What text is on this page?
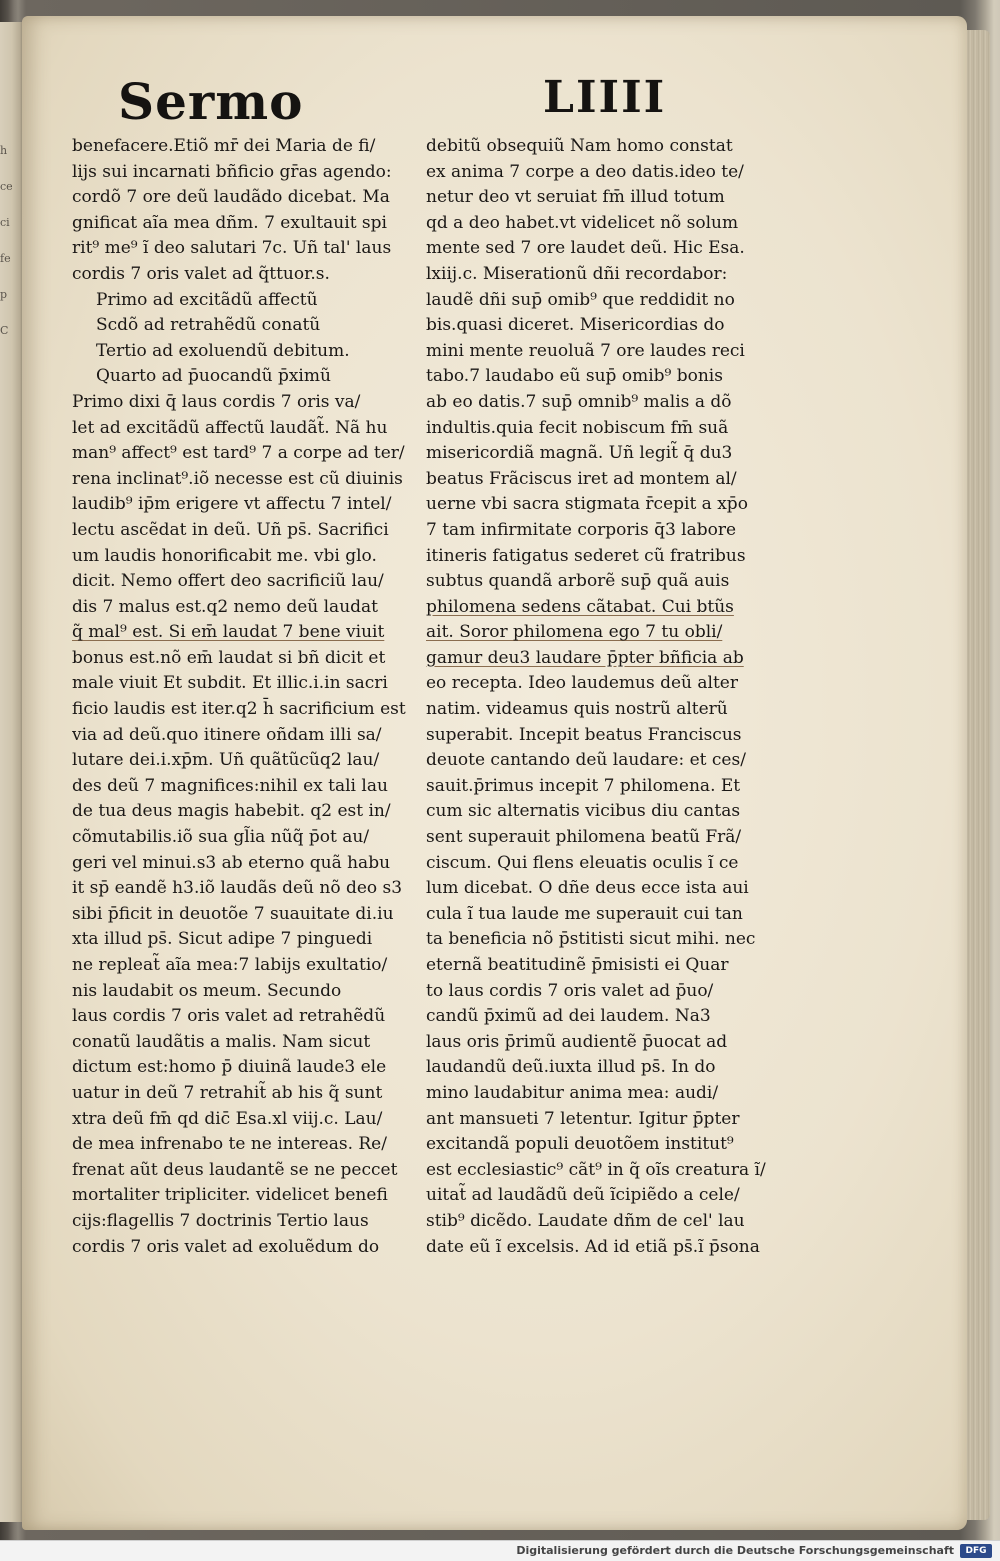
h

ce

ci

fe

p

C
Sermo	LIIII
benefacere.Etiõ mr̄ dei Maria de fi/
lijs sui incarnati bñficio gr̄as agendo:
cordõ 7 ore deũ laudãdo dicebat. Ma
gnificat aĩa mea dñm. 7 exultauit spi
rit⁹ me⁹ ĩ deo salutari 7c. Uñ tal' laus
cordis 7 oris valet ad q̃ttuor.s.
Primo ad excitãdũ affectũ
Scdõ ad retrahẽdũ conatũ
Tertio ad exoluendũ debitum.
Quarto ad p̄uocandũ p̄ximũ
Primo dixi q̄ laus cordis 7 oris va/
let ad excitãdũ affectũ laudãt̃. Nã hu
man⁹ affect⁹ est tard⁹ 7 a corpe ad ter/
rena inclinat⁹.iõ necesse est cũ diuinis
laudib⁹ ip̄m erigere vt affectu 7 intel/
lectu ascẽdat in deũ. Uñ ps̄. Sacrifici
um laudis honorificabit me. vbi glo.
dicit. Nemo offert deo sacrificiũ lau/
dis 7 malus est.q2 nemo deũ laudat
q̃ mal⁹ est. Si em̄ laudat 7 bene viuit
bonus est.nõ em̄ laudat si bñ dicit et
male viuit Et subdit. Et illic.i.in sacri
ficio laudis est iter.q2 h̄ sacrificium est
via ad deũ.quo itinere oñdam illi sa/
lutare dei.i.xp̄m. Uñ quãtũcũq2 lau/
des deũ 7 magnifices:nihil ex tali lau
de tua deus magis habebit. q2 est in/
cõmutabilis.iõ sua gl̃ia nũq̃ p̄ot au/
geri vel minui.s3 ab eterno quã habu
it sp̄ eandẽ h3.iõ laudãs deũ nõ deo s3
sibi p̄ficit in deuotõe 7 suauitate di.iu
xta illud ps̄. Sicut adipe 7 pinguedi
ne repleat̃ aĩa mea:7 labijs exultatio/
nis laudabit os meum. Secundo
laus cordis 7 oris valet ad retrahẽdũ
conatũ laudãtis a malis. Nam sicut
dictum est:homo p̄ diuinã laude3 ele
uatur in deũ 7 retrahit̃ ab his q̃ sunt
xtra deũ fm̄ qd dic̄ Esa.xl viij.c. Lau/
de mea infrenabo te ne intereas. Re/
frenat aũt deus laudantẽ se ne peccet
mortaliter tripliciter. videlicet benefi
cijs:flagellis 7 doctrinis Tertio laus
cordis 7 oris valet ad exoluẽdum do
debitũ obsequiũ Nam homo constat
ex anima 7 corpe a deo datis.ideo te/
netur deo vt seruiat fm̄ illud totum
qd a deo habet.vt videlicet nõ solum
mente sed 7 ore laudet deũ. Hic Esa.
lxiij.c. Miserationũ dñi recordabor:
laudẽ dñi sup̄ omib⁹ que reddidit no
bis.quasi diceret. Misericordias do
mini mente reuoluã 7 ore laudes reci
tabo.7 laudabo eũ sup̄ omib⁹ bonis
ab eo datis.7 sup̄ omnib⁹ malis a dõ
indultis.quia fecit nobiscum fm̄ suã
misericordiã magnã. Uñ legit̃ q̄ du3
beatus Frãciscus iret ad montem al/
uerne vbi sacra stigmata r̄cepit a xp̄o
7 tam infirmitate corporis q̄3 labore
itineris fatigatus sederet cũ fratribus
subtus quandã arborẽ sup̄ quã auis
philomena sedens cãtabat. Cui btũs
ait. Soror philomena ego 7 tu obli/
gamur deu3 laudare p̄pter bñficia ab
eo recepta. Ideo laudemus deũ alter
natim. videamus quis nostrũ alterũ
superabit. Incepit beatus Franciscus
deuote cantando deũ laudare: et ces/
sauit.p̄rimus incepit 7 philomena. Et
cum sic alternatis vicibus diu cantas
sent superauit philomena beatũ Frã/
ciscum. Qui flens eleuatis oculis ĩ ce
lum dicebat. O dñe deus ecce ista aui
cula ĩ tua laude me superauit cui tan
ta beneficia nõ p̄stitisti sicut mihi. nec
eternã beatitudinẽ p̄misisti ei Quar
to laus cordis 7 oris valet ad p̄uo/
candũ p̄ximũ ad dei laudem. Na3
laus oris p̄rimũ audientẽ p̄uocat ad
laudandũ deũ.iuxta illud ps̄. In do
mino laudabitur anima mea: audi/
ant mansueti 7 letentur. Igitur p̄pter
excitandã populi deuotõem institut⁹
est ecclesiastic⁹ cãt⁹ in q̃ oĩs creatura ĩ/
uitat̃ ad laudãdũ deũ ĩcipiẽdo a cele/
stib⁹ dicẽdo. Laudate dñm de cel' lau
date eũ ĩ excelsis. Ad id etiã ps̄.ĩ p̄sona
Digitalisierung gefördert durch die Deutsche Forschungsgemeinschaft	DFG
